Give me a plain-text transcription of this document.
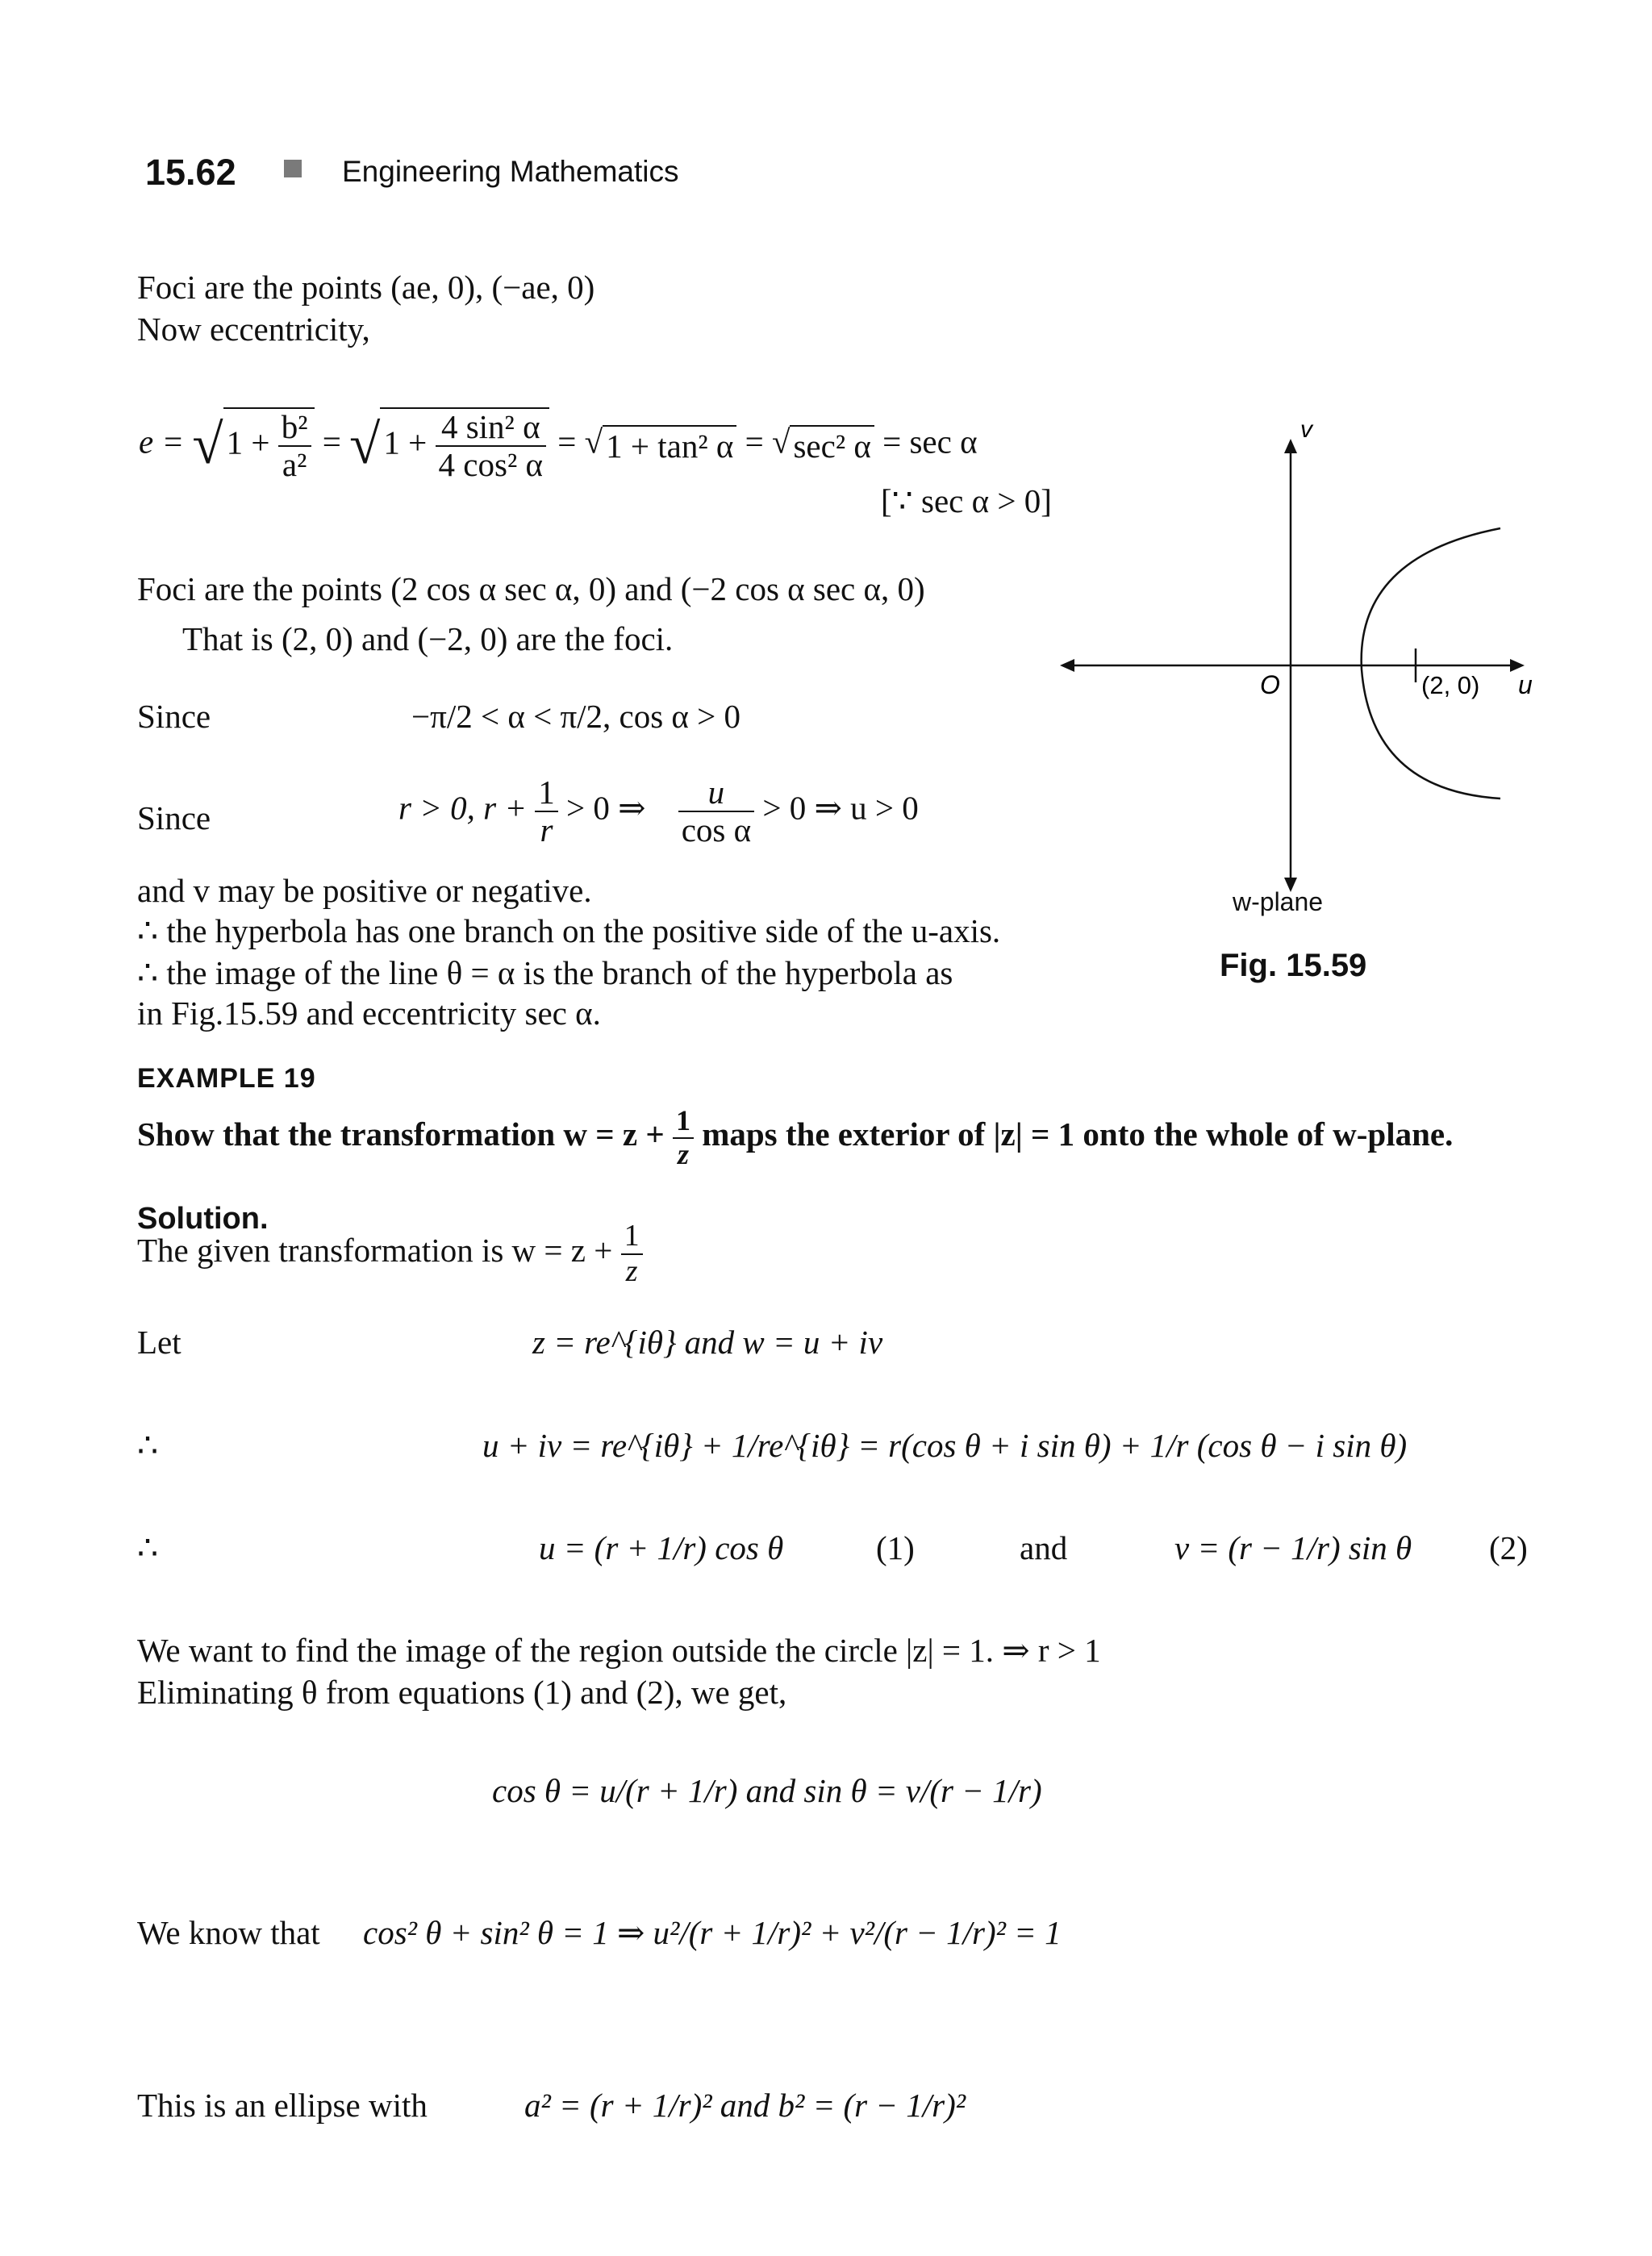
15.62	Engineering Mathematics
Foci are the points (ae, 0), (−ae, 0)
Now eccentricity,
$e = √1 + \frac{\text{b²}}{\text{a²}} = √1 + \frac{\text{4 sin² α}}{\text{4 cos² α}} = √1 + \tan^2$ α = √sec² α = sec α
[∵ sec α > 0]
Foci are the points (2 cos α sec α, 0) and (−2 cos α sec α, 0)
That is (2, 0) and (−2, 0) are the foci.
Since	−π/2 < α < π/2, cos α > 0
Since	r > 0, $r + \frac{1}{r} > 0$ ⇒ $\frac{u}{\text{cos α}} > 0$ ⇒ u > 0
and v may be positive or negative.
∴ the hyperbola has one branch on the positive side of the u-axis.
∴ the image of the line θ = α is the branch of the hyperbola as
in Fig.15.59 and eccentricity sec α.
v
u
O	(2, 0)
w-plane
Fig. 15.59
EXAMPLE 19
Show that the transformation $w = z + \frac{1}{z}$ maps the exterior of |z| = 1 onto the whole of w-plane.
Solution.
The given transformation is $w = z + \frac{1}{z}$
Let	z = re^{iθ} and w = u + iv
∴	u + iv = re^{iθ} + 1/re^{iθ} = r(cos θ + i sin θ) + 1/r (cos θ − i sin θ)
∴	u = (r + 1/r) cos θ	(1)	and	v = (r − 1/r) sin θ (2)
We want to find the image of the region outside the circle |z| = 1. ⇒ r > 1
Eliminating θ from equations (1) and (2), we get,
cos θ = u/(r + 1/r) and sin θ = v/(r − 1/r)
We know that cos² θ + sin² θ = 1 ⇒ u²/(r + 1/r)² + v²/(r − 1/r)² = 1
This is an ellipse with	a² = (r + 1/r)² and b² = (r − 1/r)²
